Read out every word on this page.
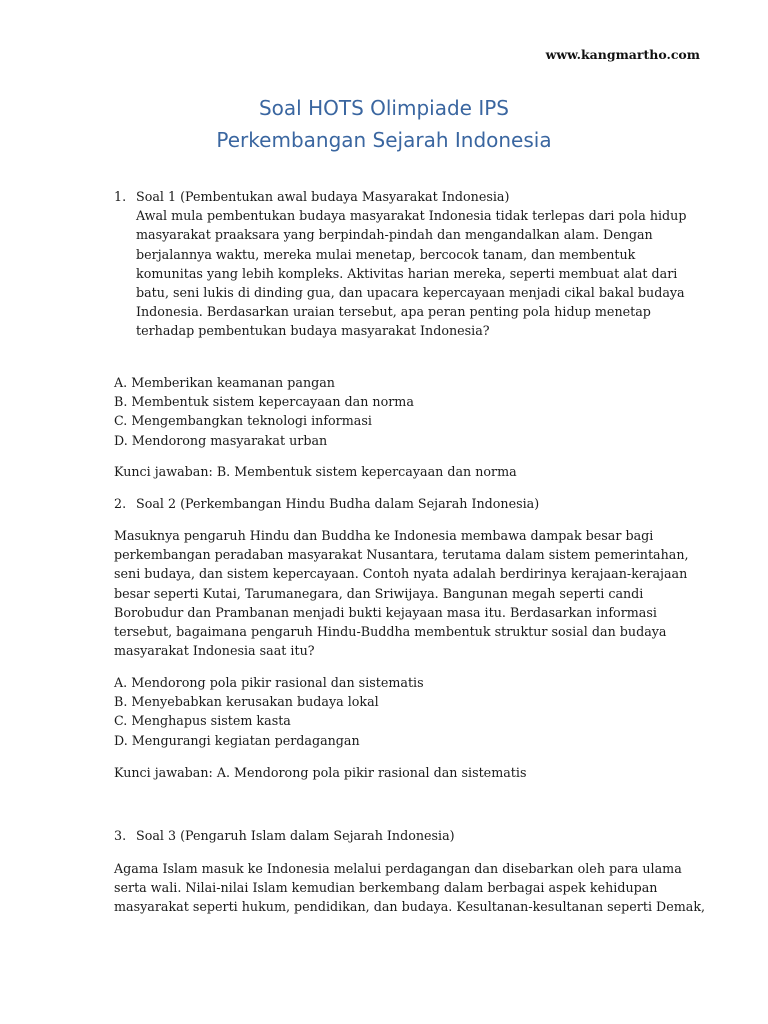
www.kangmartho.com
Soal HOTS Olimpiade IPS
Perkembangan Sejarah Indonesia
1. Soal 1 (Pembentukan awal budaya Masyarakat Indonesia)
Awal mula pembentukan budaya masyarakat Indonesia tidak terlepas dari pola hidup
masyarakat praaksara yang berpindah-pindah dan mengandalkan alam. Dengan
berjalannya waktu, mereka mulai menetap, bercocok tanam, dan membentuk
komunitas yang lebih kompleks. Aktivitas harian mereka, seperti membuat alat dari
batu, seni lukis di dinding gua, dan upacara kepercayaan menjadi cikal bakal budaya
Indonesia. Berdasarkan uraian tersebut, apa peran penting pola hidup menetap
terhadap pembentukan budaya masyarakat Indonesia?
A. Memberikan keamanan pangan
B. Membentuk sistem kepercayaan dan norma
C. Mengembangkan teknologi informasi
D. Mendorong masyarakat urban
Kunci jawaban: B. Membentuk sistem kepercayaan dan norma
2. Soal 2 (Perkembangan Hindu Budha dalam Sejarah Indonesia)
Masuknya pengaruh Hindu dan Buddha ke Indonesia membawa dampak besar bagi
perkembangan peradaban masyarakat Nusantara, terutama dalam sistem pemerintahan,
seni budaya, dan sistem kepercayaan. Contoh nyata adalah berdirinya kerajaan-kerajaan
besar seperti Kutai, Tarumanegara, dan Sriwijaya. Bangunan megah seperti candi
Borobudur dan Prambanan menjadi bukti kejayaan masa itu. Berdasarkan informasi
tersebut, bagaimana pengaruh Hindu-Buddha membentuk struktur sosial dan budaya
masyarakat Indonesia saat itu?
A. Mendorong pola pikir rasional dan sistematis
B. Menyebabkan kerusakan budaya lokal
C. Menghapus sistem kasta
D. Mengurangi kegiatan perdagangan
Kunci jawaban: A. Mendorong pola pikir rasional dan sistematis
3. Soal 3 (Pengaruh Islam dalam Sejarah Indonesia)
Agama Islam masuk ke Indonesia melalui perdagangan dan disebarkan oleh para ulama
serta wali. Nilai-nilai Islam kemudian berkembang dalam berbagai aspek kehidupan
masyarakat seperti hukum, pendidikan, dan budaya. Kesultanan-kesultanan seperti Demak,
